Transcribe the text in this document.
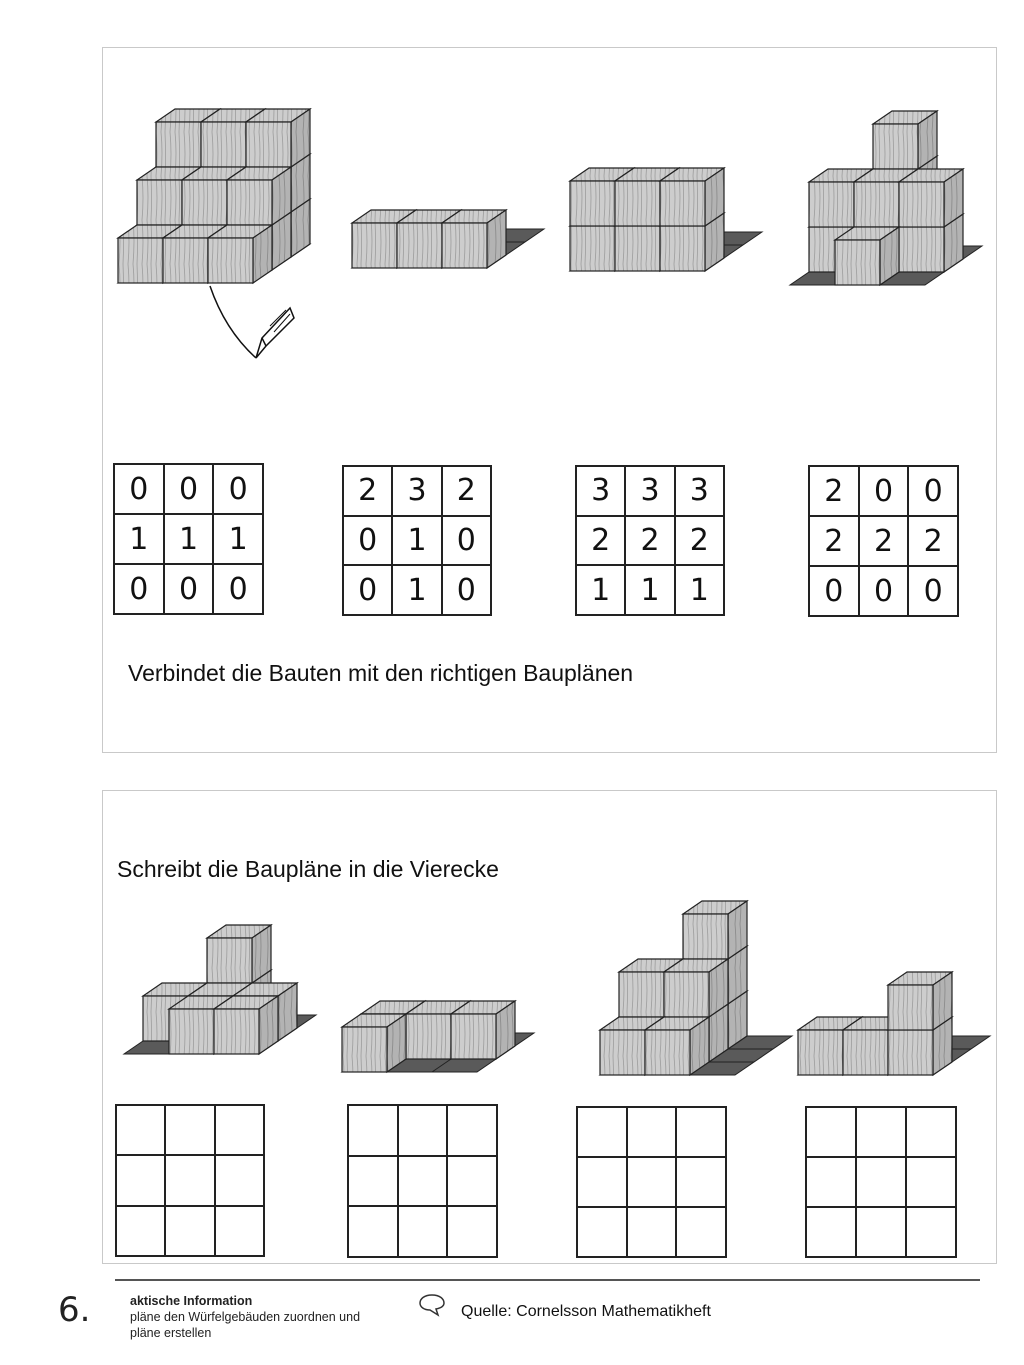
0	0	0
1	1	1
0	0	0
2	3	2
0	1	0
0	1	0
3	3	3
2	2	2
1	1	1
2	0	0
2	2	2
0	0	0
Verbindet die Bauten mit den richtigen Bauplänen
Schreibt die Baupläne in die Vierecke
6.	aktische Information
pläne den Würfelgebäuden zuordnen und
pläne erstellen
Quelle: Cornelsson Mathematikheft
